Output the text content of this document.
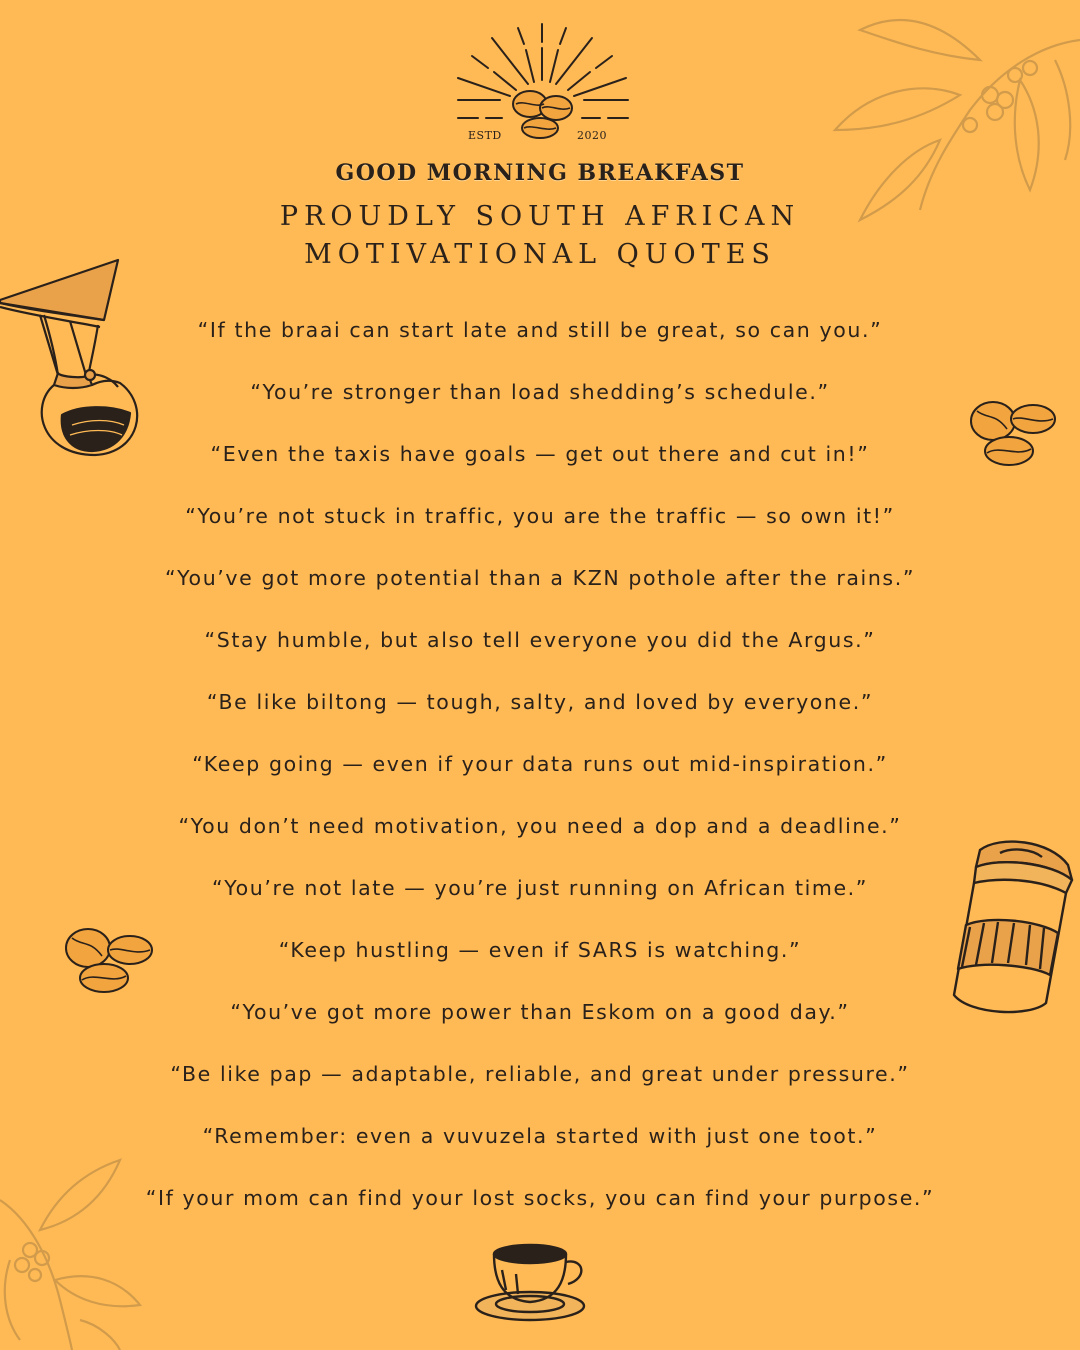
ESTD	2020
GOOD MORNING BREAKFAST
PROUDLY SOUTH AFRICAN
MOTIVATIONAL QUOTES
“If the braai can start late and still be great, so can you.”
“You’re stronger than load shedding’s schedule.”
“Even the taxis have goals — get out there and cut in!”
“You’re not stuck in traffic, you are the traffic — so own it!”
“You’ve got more potential than a KZN pothole after the rains.”
“Stay humble, but also tell everyone you did the Argus.”
“Be like biltong — tough, salty, and loved by everyone.”
“Keep going — even if your data runs out mid-inspiration.”
“You don’t need motivation, you need a dop and a deadline.”
“You’re not late — you’re just running on African time.”
“Keep hustling — even if SARS is watching.”
“You’ve got more power than Eskom on a good day.”
“Be like pap — adaptable, reliable, and great under pressure.”
“Remember: even a vuvuzela started with just one toot.”
“If your mom can find your lost socks, you can find your purpose.”
